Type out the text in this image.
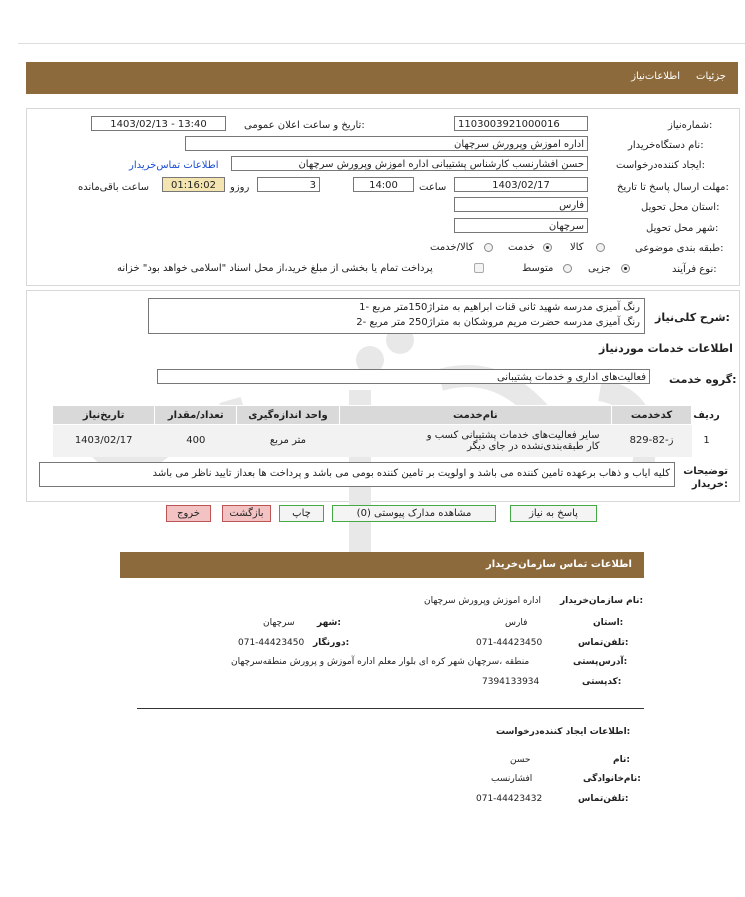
جزئیات
اطلاعات‌نیاز
شماره‌نیاز:
1103003921000016
تاریخ و ساعت اعلان عمومی:
1403/02/13 - 13:40
نام دستگاه‌خریدار:
اداره اموزش وپرورش سرچهان
ایجاد کننده‌درخواست:
حسن افشارنسب کارشناس پشتیبانی اداره اموزش وپرورش سرچهان
اطلاعات تماس‌خریدار
مهلت ارسال پاسخ تا تاریخ:
1403/02/17
ساعت
14:00
3
روزو
01:16:02
ساعت باقی‌مانده
استان محل تحویل:
فارس
شهر محل تحویل:
سرچهان
طبقه بندی موضوعی:
کالا
خدمت
کالا/خدمت
نوع فرآیند:
جزیی
متوسط
پرداخت تمام یا بخشی از مبلغ خرید،از محل اسناد "اسلامی خواهد بود" خزانه
شرح کلی‌نیاز:
1- رنگ آمیزی مدرسه شهید ثانی قنات ابراهیم به متراژ150متر مربع
2- رنگ آمیزی مدرسه حضرت مریم مروشکان به متراژ250 متر مربع
اطلاعات خدمات موردنیاز
گروه خدمت:
فعالیت‌های اداری و خدمات پشتیبانی
تاریخ‌نیاز	تعداد/مقدار	واحد اندازه‌گیری	نام‌خدمت	کدخدمت	ردیف
1403/02/17	400	متر مربع	سایر فعالیت‌های خدمات پشتیبانی کسب و
کار طبقه‌بندی‌نشده در جای دیگر	ز-82-829	1
توضیحات خریدار:
کلیه ایاب و ذهاب برعهده تامین کننده می باشد و اولویت بر تامین کننده بومی می باشد و پرداخت ها بعداز تایید ناظر می باشد
پاسخ به نیاز
مشاهده مدارک پیوستی (0)
چاپ
بازگشت
خروج
اطلاعات تماس سازمان‌خریدار
نام سازمان‌خریدار:
اداره اموزش وپرورش سرچهان
استان:
فارس
شهر:
سرچهان
تلفن‌تماس:
071-44423450
دورنگار:
071-44423450
آدرس‌پستی:
منطقه ،سرچهان شهر کره ای بلوار معلم اداره آموزش و پرورش منطقه‌سرچهان
کدپستی:
7394133934
اطلاعات ایجاد کننده‌درخواست:
نام:
حسن
نام‌خانوادگی:
افشارنسب
تلفن‌تماس:
071-44423432
